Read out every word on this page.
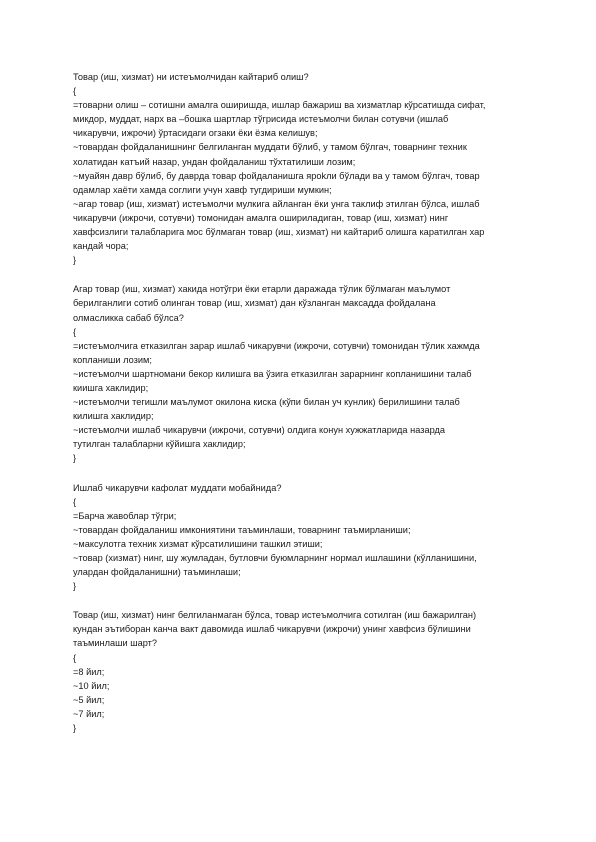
Товар (иш, хизмат) ни истеъмолчидан кайтариб олиш?
{
=товарни олиш – сотишни амалга оширишда, ишлар бажариш ва хизматлар кўрсатишда сифат,
микдор, муддат, нарх ва –бошка шартлар тўгрисида истеъмолчи билан сотувчи (ишлаб
чикарувчи, ижрочи) ўртасидаги огзаки ёки ёзма келишув;
~товардан фойдаланишнинг белгиланган муддати бўлиб, у тамом бўлгач, товарнинг техник
холатидан катъий назар, ундан фойдаланиш тўхтатилиши лозим;
~муайян давр бўлиб, бу даврда товар фойдаланишга яроkли бўлади ва у тамом бўлгач, товар
одамлар хаёти хамда соглиги учун хавф тугдириши мумкин;
~агар товар (иш, хизмат) истеъмолчи мулкига айланган ёки унга таклиф этилган бўлса, ишлаб
чикарувчи (ижрочи, сотувчи) томонидан амалга ошириладиган, товар (иш, хизмат) нинг
хавфсизлиги талабларига мос бўлмаган товар (иш, хизмат) ни кайтариб олишга каратилган хар
кандай чора;
}
Агар товар (иш, хизмат) хакида нотўгри ёки етарли даражада тўлик бўлмаган маълумот
берилганлиги сотиб олинган товар (иш, хизмат) дан кўзланган максадда фойдалана
олмасликка сабаб бўлса?
{
=истеъмолчига етказилган зарар ишлаб чикарувчи (ижрочи, сотувчи) томонидан тўлик хажмда
копланиши лозим;
~истеъмолчи шартномани бекор килишга ва ўзига етказилган зарарнинг копланишини талаб
киишга хаклидир;
~истеъмолчи тегишли маълумот окилона киска (кўпи билан уч кунлик) берилишини талаб
килишга хаклидир;
~истеъмолчи ишлаб чикарувчи (ижрочи, сотувчи) олдига конун хужжатларида назарда
тутилган талабларни кўйишга хаклидир;
}
Ишлаб чикарувчи кафолат муддати мобайнида?
{
=Барча жавоблар тўгри;
~товардан фойдаланиш имкониятини таъминлаши, товарнинг таъмирланиши;
~максулотга техник хизмат кўрсатилишини ташкил этиши;
~товар (хизмат) нинг, шу жумладан, бутловчи буюмларнинг нормал ишлашини (кўлланишини,
улардан фойдаланишни) таъминлаши;
}
Товар (иш, хизмат) нинг белгиланмаган бўлса, товар истеъмолчига сотилган (иш бажарилган)
кундан эътиборан канча вакт давомида ишлаб чикарувчи (ижрочи) унинг хавфсиз бўлишини
таъминлаши шарт?
{
=8 йил;
~10 йил;
~5 йил;
~7 йил;
}
